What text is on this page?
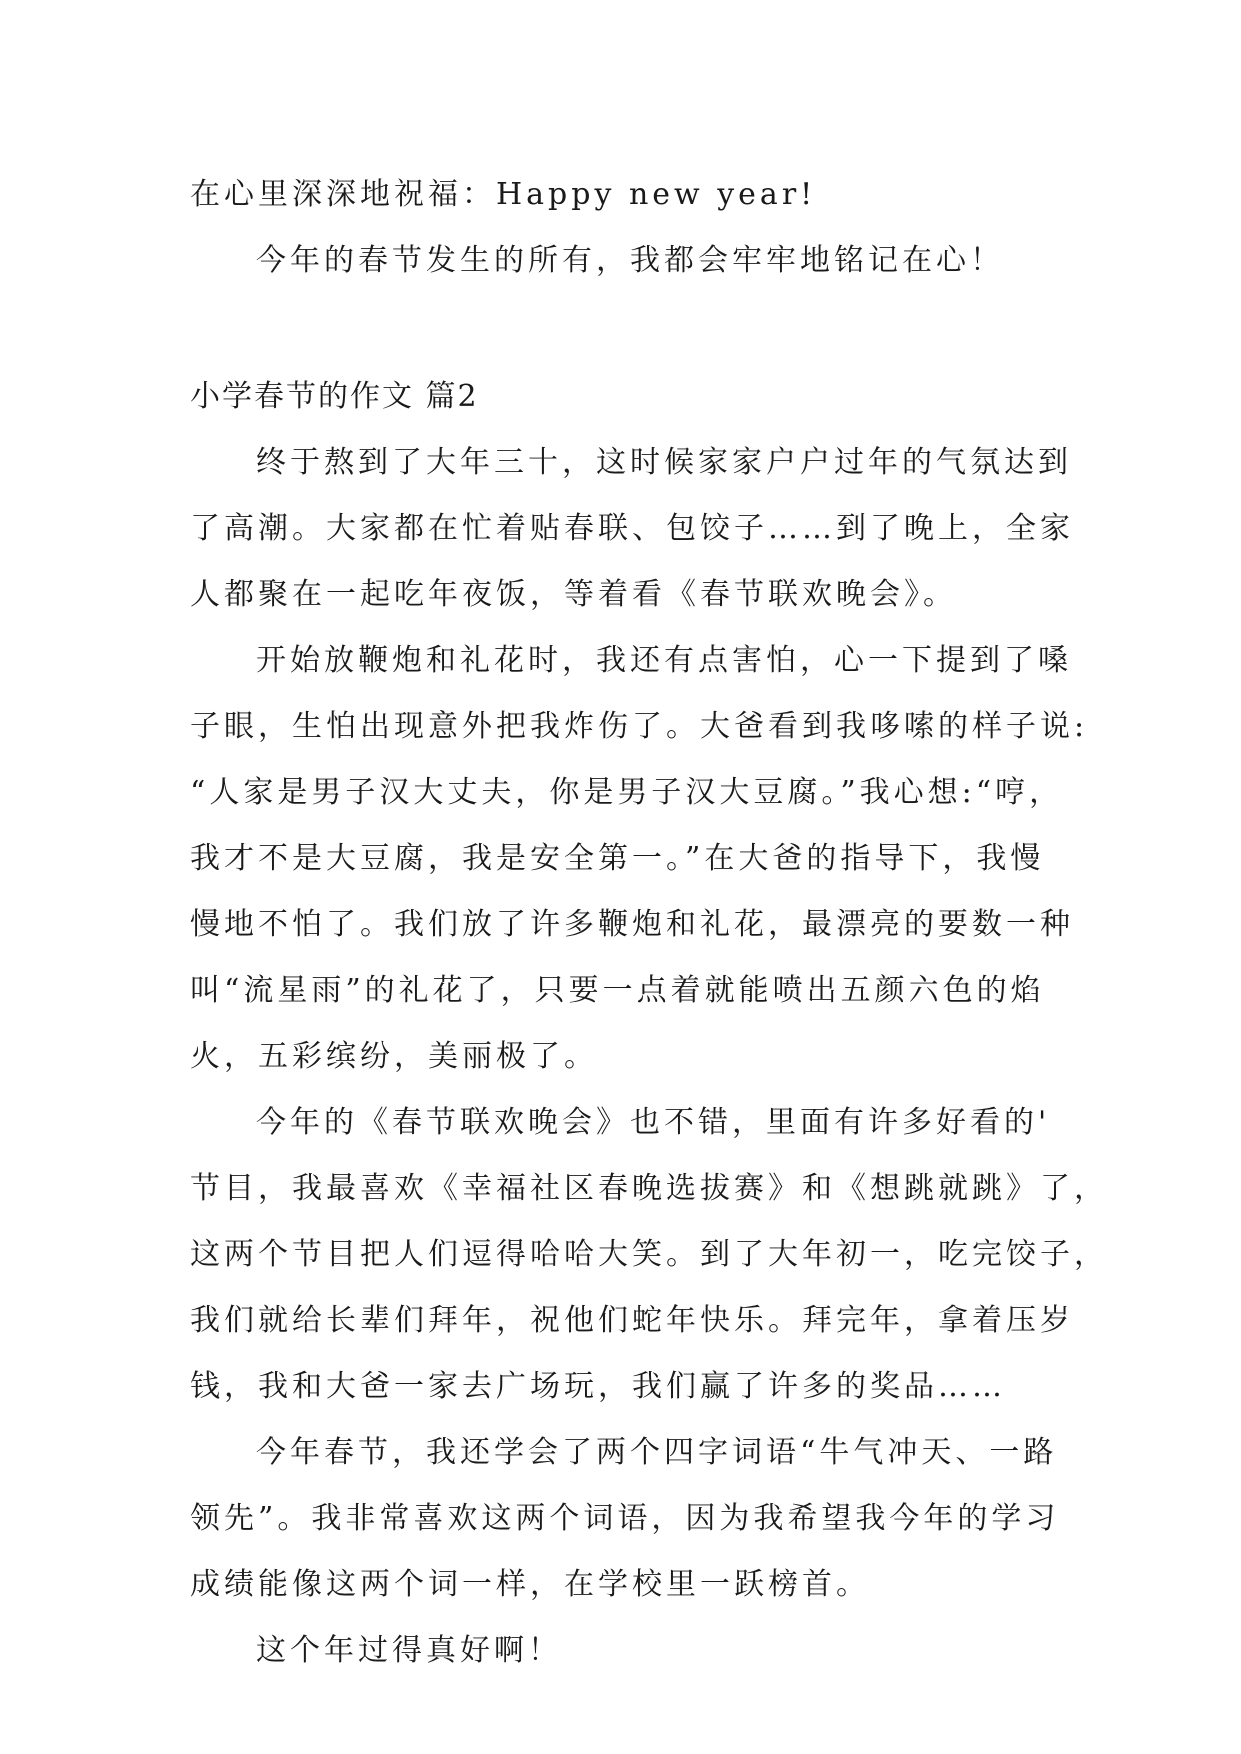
在心里深深地祝福：Happy new year!
今年的春节发生的所有，我都会牢牢地铭记在心！
小学春节的作文 篇2
终于熬到了大年三十，这时候家家户户过年的气氛达到
了高潮。大家都在忙着贴春联、包饺子……到了晚上，全家
人都聚在一起吃年夜饭，等着看《春节联欢晚会》。
开始放鞭炮和礼花时，我还有点害怕，心一下提到了嗓
子眼，生怕出现意外把我炸伤了。大爸看到我哆嗦的样子说:
“人家是男子汉大丈夫，你是男子汉大豆腐。”我心想:“哼，
我才不是大豆腐，我是安全第一。”在大爸的指导下，我慢
慢地不怕了。我们放了许多鞭炮和礼花，最漂亮的要数一种
叫“流星雨”的礼花了，只要一点着就能喷出五颜六色的焰
火，五彩缤纷，美丽极了。
今年的《春节联欢晚会》也不错，里面有许多好看的'
节目，我最喜欢《幸福社区春晚选拔赛》和《想跳就跳》了，
这两个节目把人们逗得哈哈大笑。到了大年初一，吃完饺子，
我们就给长辈们拜年，祝他们蛇年快乐。拜完年，拿着压岁
钱，我和大爸一家去广场玩，我们赢了许多的奖品……
今年春节，我还学会了两个四字词语“牛气冲天、一路
领先”。我非常喜欢这两个词语，因为我希望我今年的学习
成绩能像这两个词一样，在学校里一跃榜首。
这个年过得真好啊！
